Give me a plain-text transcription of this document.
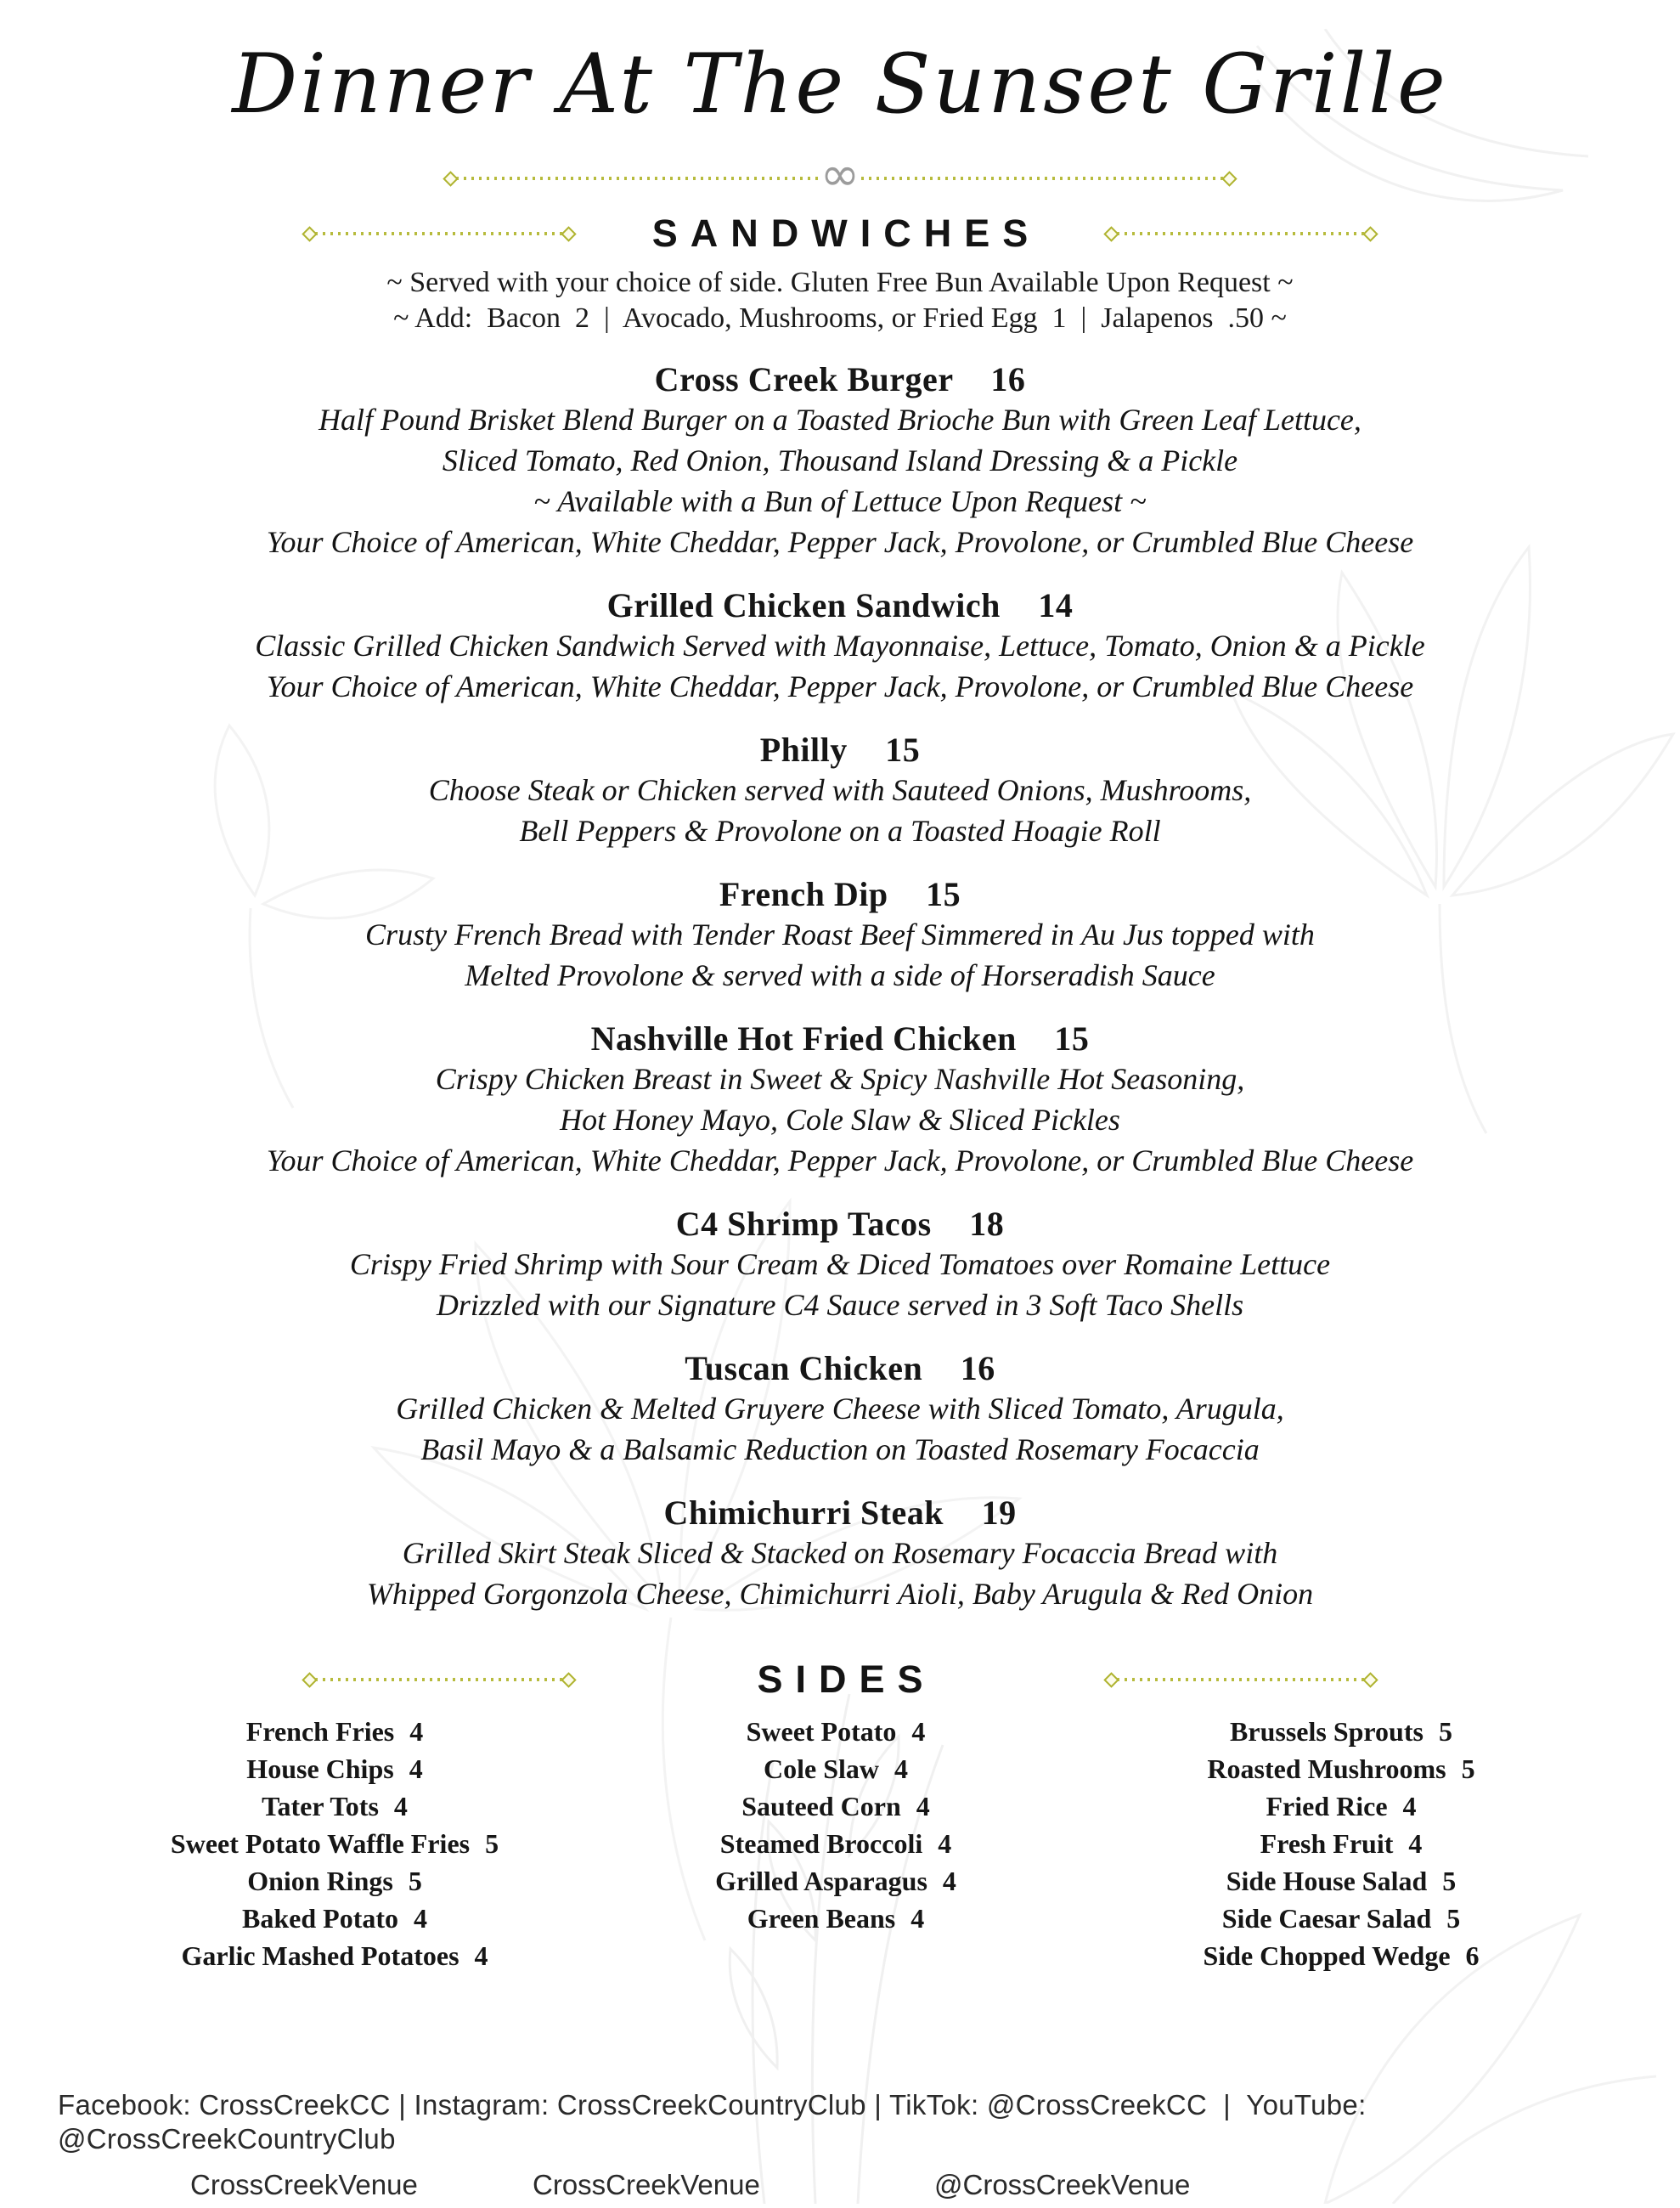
Dinner At The Sunset Grille
∞
SANDWICHES
~ Served with your choice of side. Gluten Free Bun Available Upon Request ~
~ Add:  Bacon  2  |  Avocado, Mushrooms, or Fried Egg  1  |  Jalapenos  .50 ~
Cross Creek Burger 16
Half Pound Brisket Blend Burger on a Toasted Brioche Bun with Green Leaf Lettuce,
Sliced Tomato, Red Onion, Thousand Island Dressing & a Pickle
~ Available with a Bun of Lettuce Upon Request ~
Your Choice of American, White Cheddar, Pepper Jack, Provolone, or Crumbled Blue Cheese
Grilled Chicken Sandwich 14
Classic Grilled Chicken Sandwich Served with Mayonnaise, Lettuce, Tomato, Onion & a Pickle
Your Choice of American, White Cheddar, Pepper Jack, Provolone, or Crumbled Blue Cheese
Philly 15
Choose Steak or Chicken served with Sauteed Onions, Mushrooms,
Bell Peppers & Provolone on a Toasted Hoagie Roll
French Dip 15
Crusty French Bread with Tender Roast Beef Simmered in Au Jus topped with
Melted Provolone & served with a side of Horseradish Sauce
Nashville Hot Fried Chicken 15
Crispy Chicken Breast in Sweet & Spicy Nashville Hot Seasoning,
Hot Honey Mayo, Cole Slaw & Sliced Pickles
Your Choice of American, White Cheddar, Pepper Jack, Provolone, or Crumbled Blue Cheese
C4 Shrimp Tacos 18
Crispy Fried Shrimp with Sour Cream & Diced Tomatoes over Romaine Lettuce
Drizzled with our Signature C4 Sauce served in 3 Soft Taco Shells
Tuscan Chicken 16
Grilled Chicken & Melted Gruyere Cheese with Sliced Tomato, Arugula,
Basil Mayo & a Balsamic Reduction on Toasted Rosemary Focaccia
Chimichurri Steak 19
Grilled Skirt Steak Sliced & Stacked on Rosemary Focaccia Bread with
Whipped Gorgonzola Cheese, Chimichurri Aioli, Baby Arugula & Red Onion
SIDES
French Fries 4
House Chips 4
Tater Tots 4
Sweet Potato Waffle Fries 5
Onion Rings 5
Baked Potato 4
Garlic Mashed Potatoes 4
Sweet Potato 4
Cole Slaw 4
Sauteed Corn 4
Steamed Broccoli 4
Grilled Asparagus 4
Green Beans 4
Brussels Sprouts 5
Roasted Mushrooms 5
Fried Rice 4
Fresh Fruit 4
Side House Salad 5
Side Caesar Salad 5
Side Chopped Wedge 6
Facebook: CrossCreekCC | Instagram: CrossCreekCountryClub | TikTok: @CrossCreekCC  |  YouTube: @CrossCreekCountryClub
CrossCreekVenue	CrossCreekVenue	@CrossCreekVenue
